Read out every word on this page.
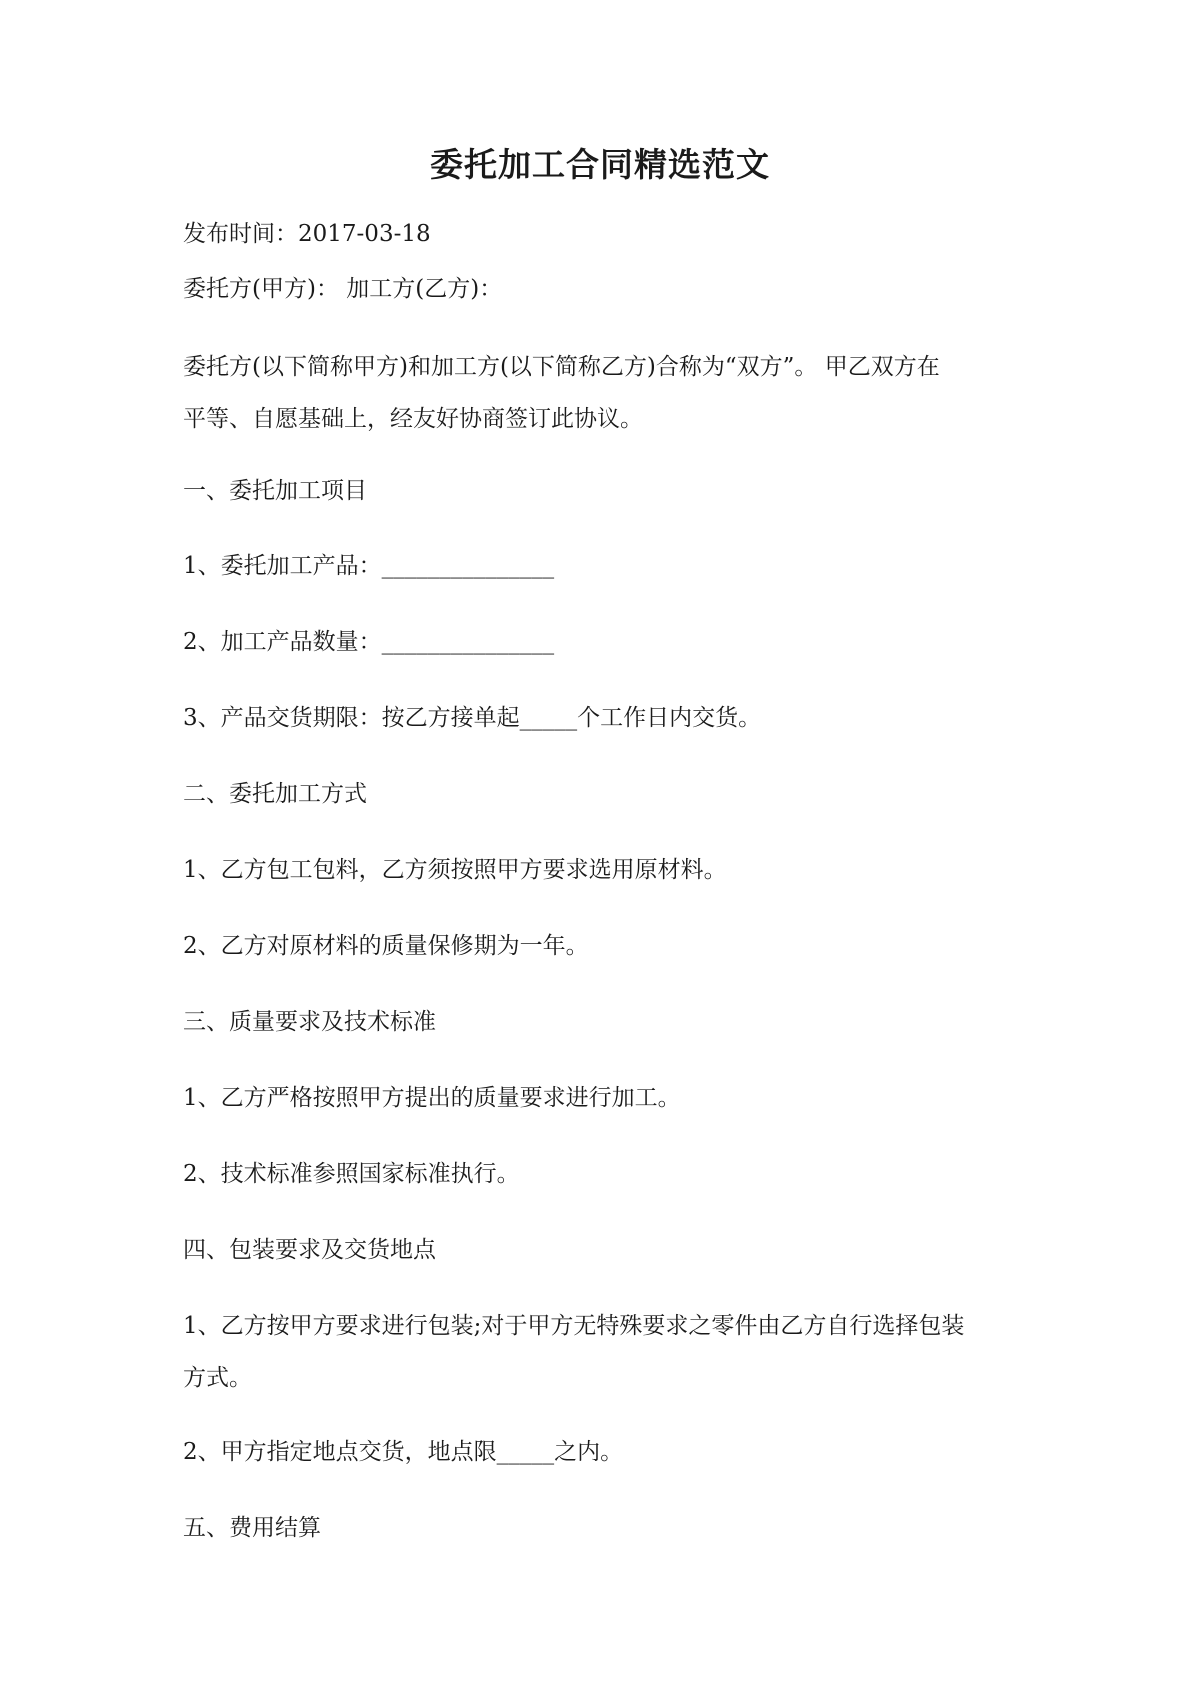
委托加工合同精选范文
发布时间：2017-03-18
委托方(甲方)： 加工方(乙方)：
委托方(以下简称甲方)和加工方(以下简称乙方)合称为“双方”。 甲乙双方在
平等、自愿基础上，经友好协商签订此协议。
一、委托加工项目
1、委托加工产品：_______________
2、加工产品数量：_______________
3、产品交货期限：按乙方接单起_____个工作日内交货。
二、委托加工方式
1、乙方包工包料，乙方须按照甲方要求选用原材料。
2、乙方对原材料的质量保修期为一年。
三、质量要求及技术标准
1、乙方严格按照甲方提出的质量要求进行加工。
2、技术标准参照国家标准执行。
四、包装要求及交货地点
1、乙方按甲方要求进行包装;对于甲方无特殊要求之零件由乙方自行选择包装
方式。
2、甲方指定地点交货，地点限_____之内。
五、费用结算
